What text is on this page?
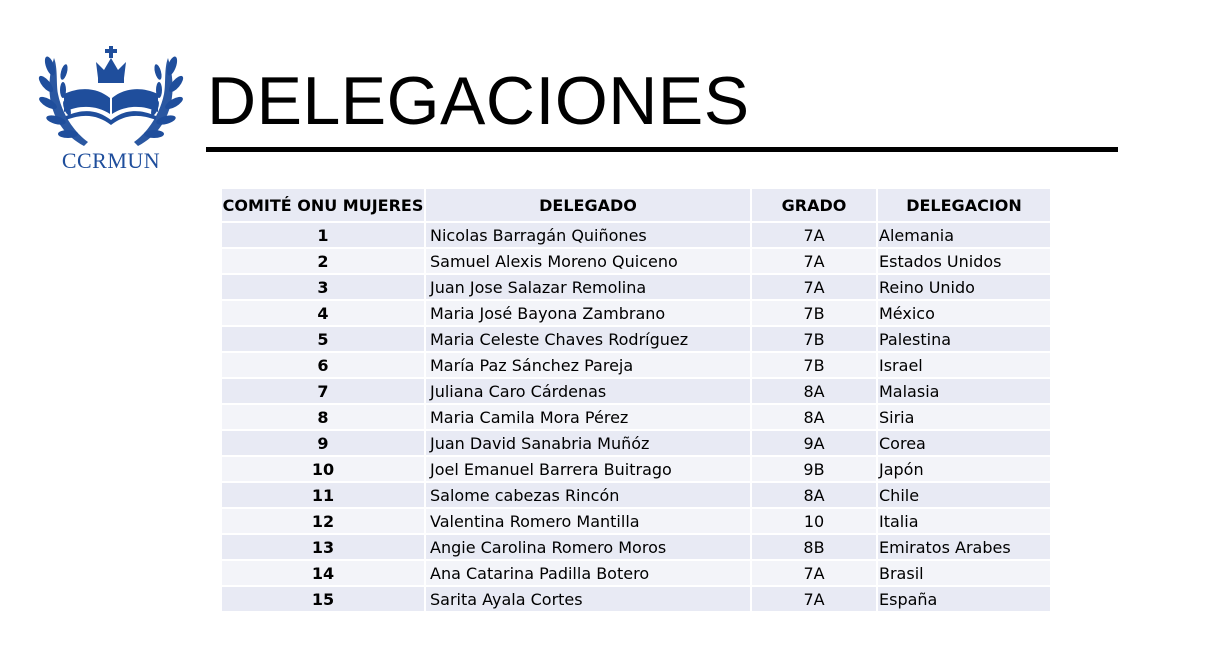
CCRMUN
DELEGACIONES
COMITÉ ONU MUJERES	DELEGADO	GRADO	DELEGACION
1	Nicolas Barragán Quiñones	7A	Alemania
2	Samuel Alexis Moreno Quiceno	7A	Estados Unidos
3	Juan Jose Salazar Remolina	7A	Reino Unido
4	Maria José Bayona Zambrano	7B	México
5	Maria Celeste Chaves Rodríguez	7B	Palestina
6	María Paz Sánchez Pareja	7B	Israel
7	Juliana Caro Cárdenas	8A	Malasia
8	Maria Camila Mora Pérez	8A	Siria
9	Juan David Sanabria Muñóz	9A	Corea
10	Joel Emanuel Barrera Buitrago	9B	Japón
11	Salome cabezas Rincón	8A	Chile
12	Valentina Romero Mantilla	10	Italia
13	Angie Carolina Romero Moros	8B	Emiratos Arabes
14	Ana Catarina Padilla Botero	7A	Brasil
15	Sarita Ayala Cortes	7A	España
